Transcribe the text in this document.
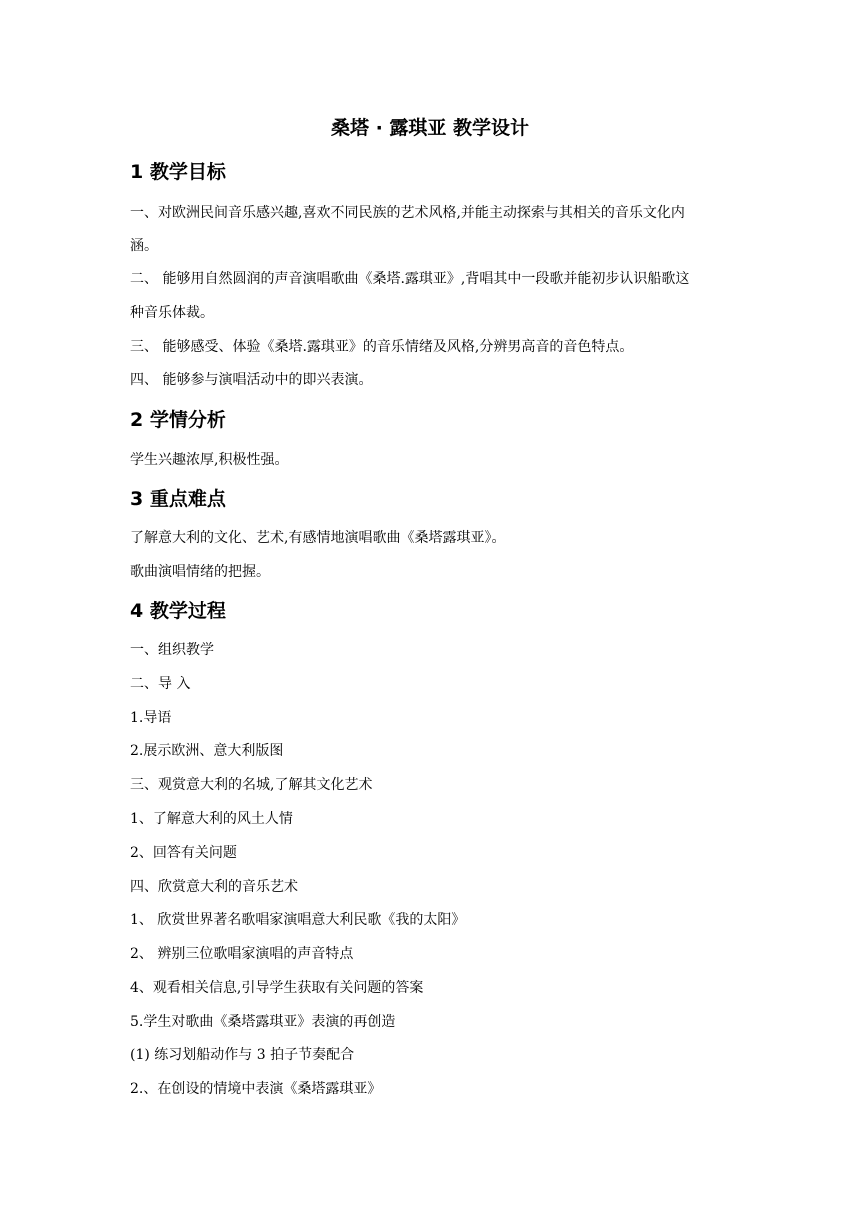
桑塔 · 露琪亚 教学设计
1 教学目标
一、对欧洲民间音乐感兴趣,喜欢不同民族的艺术风格,并能主动探索与其相关的音乐文化内
涵。
二、 能够用自然圆润的声音演唱歌曲《桑塔.露琪亚》,背唱其中一段歌并能初步认识船歌这
种音乐体裁。
三、 能够感受、体验《桑塔.露琪亚》的音乐情绪及风格,分辨男高音的音色特点。
四、 能够参与演唱活动中的即兴表演。
2 学情分析
学生兴趣浓厚,积极性强。
3 重点难点
了解意大利的文化、艺术,有感情地演唱歌曲《桑塔露琪亚》。
歌曲演唱情绪的把握。
4 教学过程
一、组织教学
二、导 入
1.导语
2.展示欧洲、意大利版图
三、观赏意大利的名城,了解其文化艺术
1、了解意大利的风土人情
2、回答有关问题
四、欣赏意大利的音乐艺术
1、 欣赏世界著名歌唱家演唱意大利民歌《我的太阳》
2、 辨别三位歌唱家演唱的声音特点
4、观看相关信息,引导学生获取有关问题的答案
5.学生对歌曲《桑塔露琪亚》表演的再创造
(1) 练习划船动作与 3 拍子节奏配合
2.、在创设的情境中表演《桑塔露琪亚》
